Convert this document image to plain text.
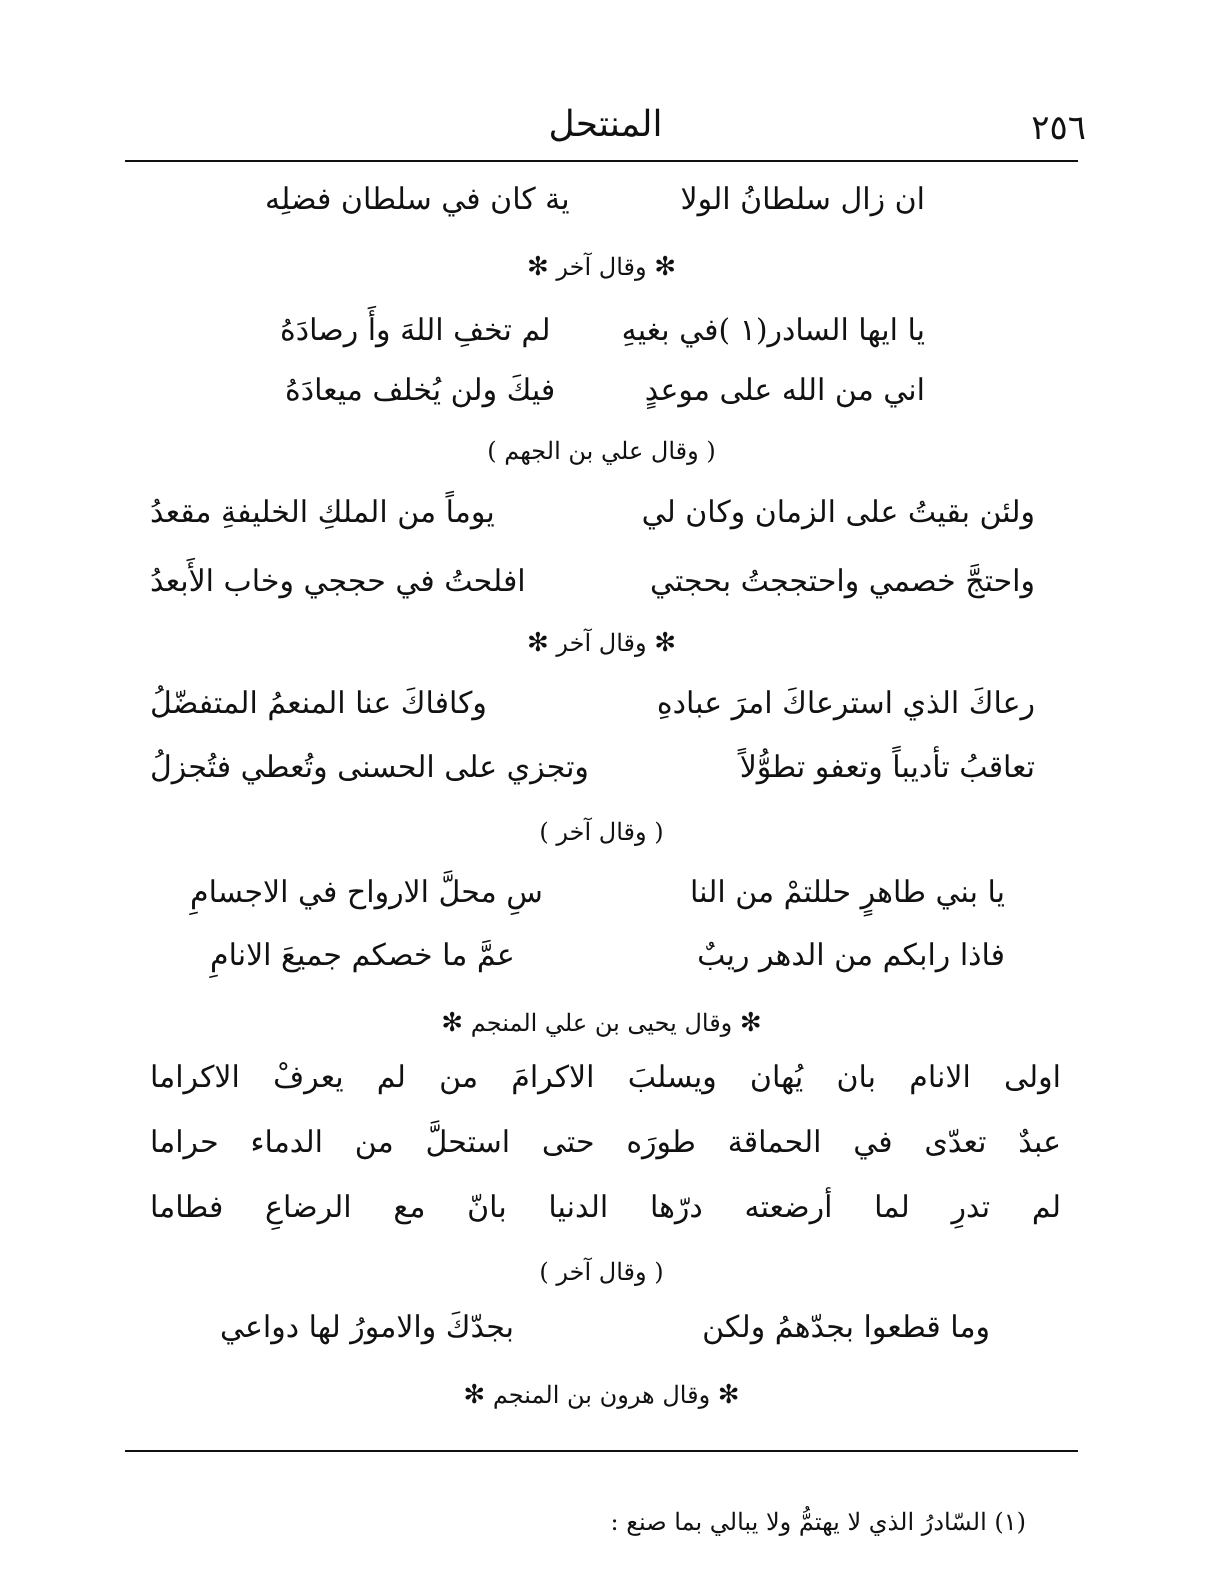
٢٥٦
المنتحل
ان زال سلطانُ الولا
ية كان في سلطان فضلِه
✻ وقال آخر ✻
يا ايها السادر(١ )في بغيهِ
لم تخفِ اللهَ وأَ رصادَهُ
اني من الله على موعدٍ
فيكَ ولن يُخلف ميعادَهُ
( وقال علي بن الجهم )
ولئن بقيتُ على الزمان وكان لي
يوماً من الملكِ الخليفةِ مقعدُ
واحتجَّ خصمي واحتججتُ بحجتي
افلحتُ في حججي وخاب الأَبعدُ
✻ وقال آخر ✻
رعاكَ الذي استرعاكَ امرَ عبادهِ
وكافاكَ عنا المنعمُ المتفضّلُ
تعاقبُ تأديباً وتعفو تطوُّلاً
وتجزي على الحسنى وتُعطي فتُجزلُ
( وقال آخر )
يا بني طاهرٍ حللتمْ من النا
سِ محلَّ الارواح في الاجسامِ
فاذا رابكم من الدهر ريبٌ
عمَّ ما خصكم جميعَ الانامِ
✻ وقال يحيى بن علي المنجم ✻
اولى الانام بان يُهان ويسلبَ الاكرامَ من لم يعرفْ الاكراما
عبدٌ تعدّى في الحماقة طورَه حتى استحلَّ من الدماء حراما
لم تدرِ لما أرضعته درّها الدنيا بانّ مع الرضاعِ فطاما
( وقال آخر )
وما قطعوا بجدّهمُ ولكن
بجدّكَ والامورُ لها دواعي
✻ وقال هرون بن المنجم ✻
(١) السّادرُ الذي لا يهتمُّ ولا يبالي بما صنع :
